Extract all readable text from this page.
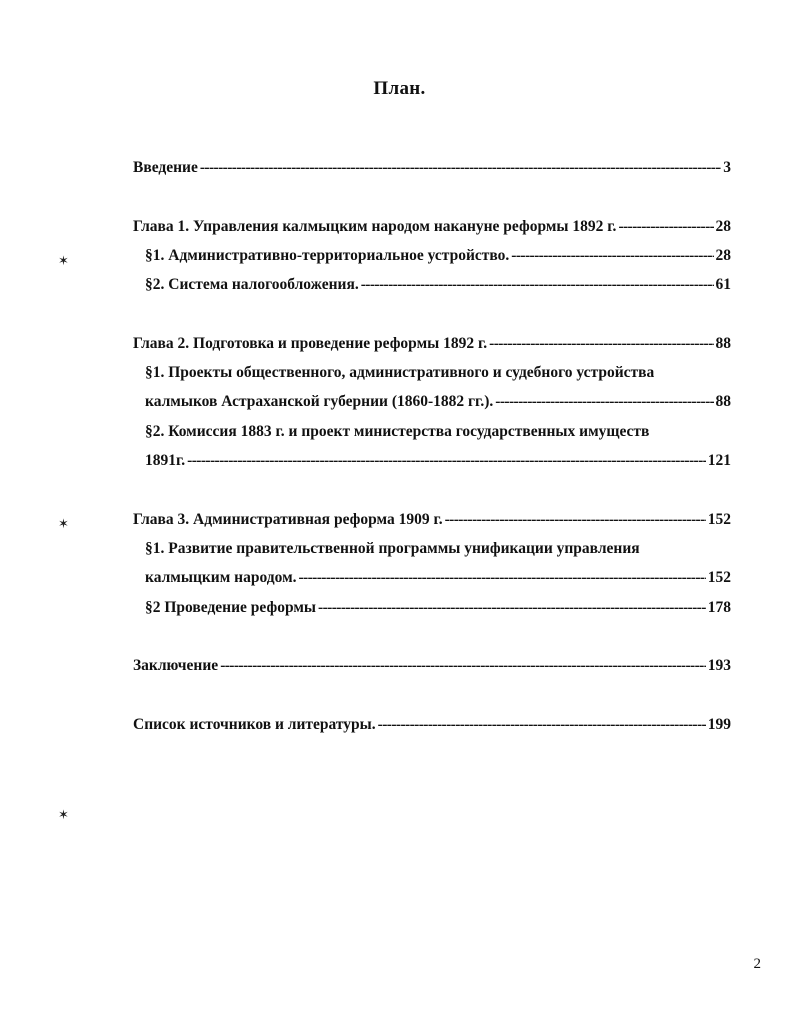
План.
Введение -----	3
Глава 1. Управления калмыцким народом накануне реформы 1892 г. -----	28
§1. Административно-территориальное устройство. -----	28
§2. Система налогообложения. -----	61
Глава 2. Подготовка и проведение реформы 1892 г. -----	88
§1. Проекты общественного, административного и судебного устройства
калмыков Астраханской губернии (1860-1882 гг.). -----	88
§2. Комиссия 1883 г. и проект министерства государственных имуществ
1891г. -----	121
Глава 3. Административная реформа 1909 г. -----	152
§1. Развитие правительственной программы унификации управления
калмыцким народом. -----	152
§2 Проведение реформы -----	178
Заключение -----	193
Список источников и литературы. -----	199
✶
✶
✶
2
